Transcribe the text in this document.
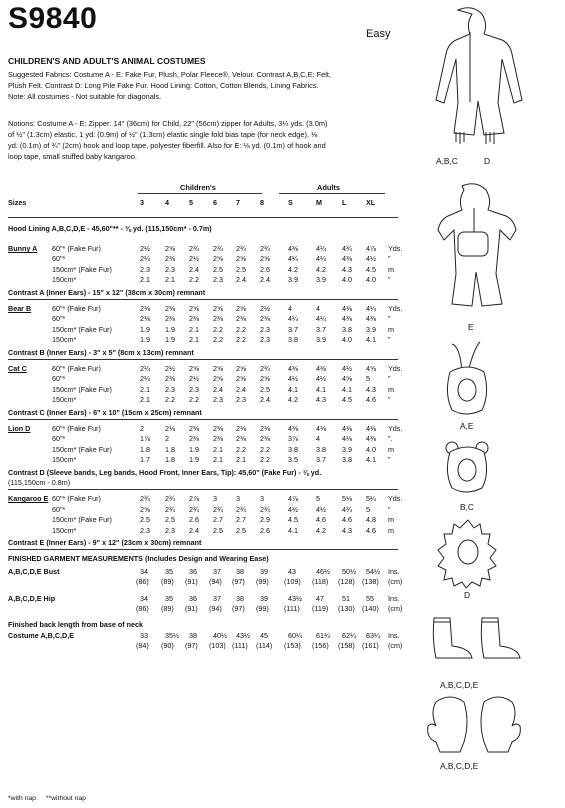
S9840	Easy
CHILDREN'S AND ADULT'S ANIMAL COSTUMES
Suggested Fabrics: Costume A - E: Fake Fur, Plush, Polar Fleece®, Velour. Contrast A,B,C,E: Felt,
Plush Felt. Contrast D: Long Pile Fake Fur. Hood Lining: Cotton, Cotton Blends, Lining Fabrics.
Note: All costumes - Not suitable for diagonals.
Notions: Costume A - E: Zipper: 14" (36cm) for Child, 22" (56cm) zipper for Adults, 3¼ yds. (3.0m)
of ½" (1.3cm) elastic, 1 yd. (0.9m) of ½" (1.3cm) elastic single fold bias tape (for neck edge), ⅛
yd. (0.1m) of ¾" (2cm) hook and loop tape, polyester fiberfill. Also for E: ⅛ yd. (0.1m) of hook and
loop tape, small stuffed baby kangaroo.
Children's	Adults
Sizes	3	4	5	6	7	8	S	M	L	XL
Hood Lining A,B,C,D,E - 45,60"** - ⅜ yd. (115,150cm* - 0.7m)
Bunny A 60"* (Fake Fur)	2½ 2⅝ 2¾ 2¾ 2¾ 2¾	4⅜	4¼ 4¾ 4⅞ Yds.
60"*	2¼ 2⅜ 2½ 2⅝ 2⅝ 2⅝	4¼	4¼ 4⅜ 4½ "
150cm* (Fake Fur)	2.3 2.3 2.4 2.5 2.5 2.6	4.2	4.2 4.3 4.5 m
150cm*	2.1 2.1 2.2 2.3 2.4 2.4	3.9	3.9 4.0 4.0 "
Contrast A (Inner Ears) - 15" x 12" (38cm x 30cm) remnant
Bear B	60"* (Fake Fur)	2⅜ 2⅜ 2⅝ 2⅝ 2⅝ 2½	4	4	4⅜ 4¼ Yds.
60"*	2⅛ 2⅜ 2⅜ 2⅜ 2⅜ 2⅜	4¼	4¼ 4⅜ 4⅜ "
150cm* (Fake Fur)	1.9 1.9 2.1 2.2 2.2 2.3	3.7	3.7 3.8 3.9 m
150cm*	1.9 1.9 2.1 2.2 2.2 2.3	3.8	3.9 4.0 4.1 "
Contrast B (Inner Ears) - 3" x 5" (8cm x 13cm) remnant
Cat C	60"* (Fake Fur)	2¼ 2½ 2⅝ 2⅝ 2⅝ 2¾	4⅜	4⅜ 4½ 4⅝ Yds.
60"*	2¼ 2⅜ 2½ 2⅝ 2⅝ 2⅝	4½	4½ 4⅝ 5	"
150cm* (Fake Fur)	2.1 2.3 2.3 2.4 2.4 2.5	4.1	4.1 4.1 4.3 m
150cm*	2.1 2.2 2.2 2.3 2.3 2.4	4.2	4.3 4.5 4.6 "
Contrast C (Inner Ears) - 6" x 10" (15cm x 25cm) remnant
Lion D	60"* (Fake Fur)	2	2⅛ 2⅜ 2⅜ 2⅜ 2⅜	4⅜	4⅜ 4⅜ 4⅜ Yds.
60"*	1⅞ 2	2⅜ 2⅜ 2⅜ 2⅜	3⅞	4	4⅛ 4⅜ ".
150cm* (Fake Fur)	1.8 1.8 1.9 2.1 2.2 2.2	3.8	3.8 3.9 4.0 m
150cm*	1.7 1.8 1.9 2.1 2.1 2.2	3.5	3.7 3.8 4.1 "
Contrast D (Sleeve bands, Leg bands, Hood Front, Inner Ears, Tip): 45,60" (Fake Fur) - ⅛ yd.
(115,150cm - 0.8m)
Kangaroo E 60"* (Fake Fur)	2¾ 2¾ 2⅞ 3	3	3	4⅞	5	5⅛ 5¼ Yds.
60"*	2⅝ 2¾ 2¾ 2¾ 2¾ 2¾	4½	4½ 4¾ 5	"
150cm* (Fake Fur)	2.5 2.5 2.6 2.7 2.7 2.9	4.5	4.6 4.6 4.8 m
150cm*	2.3 2.3 2.4 2.5 2.5 2.6	4.1	4.2 4.3 4.6 m
Contrast E (Inner Ears) - 9" x 12" (23cm x 30cm) remnant
FINISHED GARMENT MEASUREMENTS (Includes Design and Wearing Ease)
A,B,C,D,E Bust	34 35 36 37 38 39	43	46½ 50½ 54½ Ins.
(86) (89) (91) (94) (97) (99) (109) (118) (128) (138) (cm)
A,B,C,D,E Hip	34 35 36 37 38 39	43½ 47	51 55 Ins.
(86) (89) (91) (94) (97) (99) (111) (119) (130) (140) (cm)
Finished back length from base of neck
Costume A,B,C,D,E	33 35½ 38 40½ 43½ 45	60¼ 61¼ 62¼ 63¼ Ins.
(84) (90) (97) (103) (111) (114) (153) (156) (158) (161) (cm)
A,B,C	D
E
A,E
B,C
D
A,B,C,D,E
A,B,C,D,E
*with nap **without nap
